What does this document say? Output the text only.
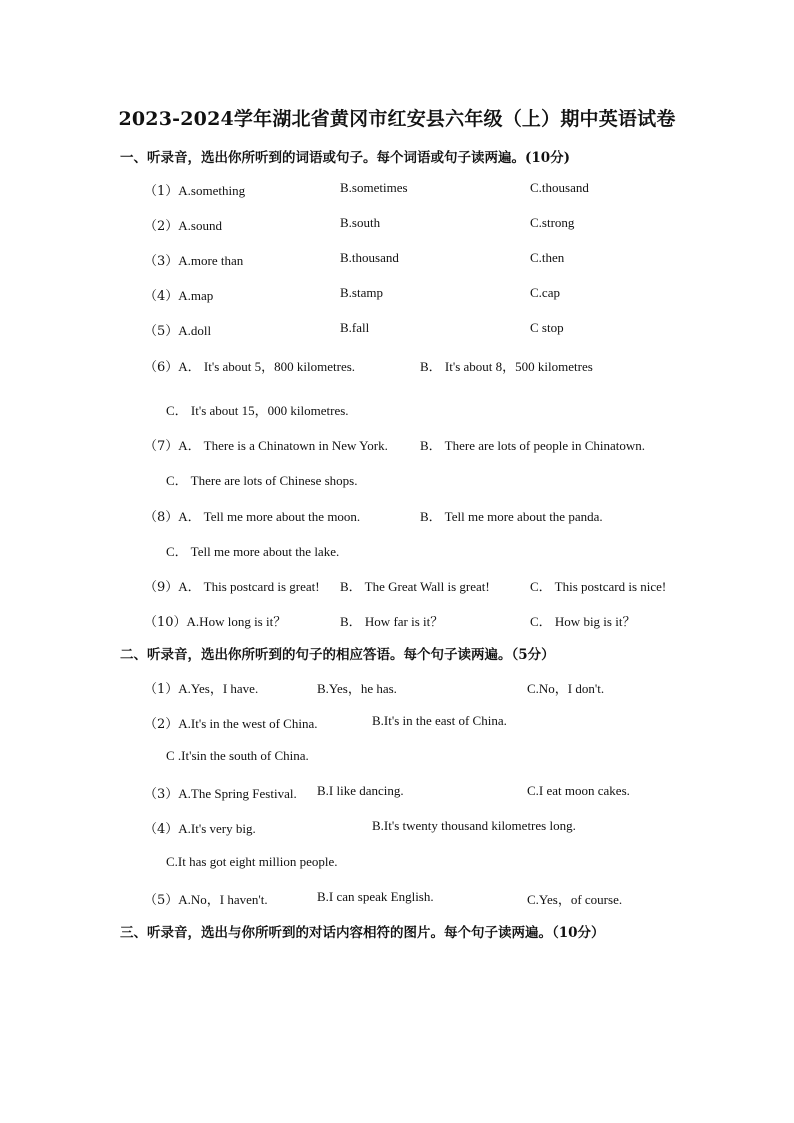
2023-2024学年湖北省黄冈市红安县六年级（上）期中英语试卷
一、听录音，选出你所听到的词语或句子。每个词语或句子读两遍。(10分)
（1）A.something	B.sometimes	C.thousand
（2）A.sound	B.south	C.strong
（3）A.more than	B.thousand	C.then
（4）A.map	B.stamp	C.cap
（5）A.doll	B.fall	C stop
（6）A． It's about 5，800 kilometres.	B． It's about 8，500 kilometres
C． It's about 15，000 kilometres.
（7）A． There is a Chinatown in New York. B． There are lots of people in Chinatown.
C． There are lots of Chinese shops.
（8）A． Tell me more about the moon.	B． Tell me more about the panda.
C． Tell me more about the lake.
（9）A． This postcard is great! B． The Great Wall is great!	C． This postcard is nice!
（10）A.How long is it？	B． How far is it？	C． How big is it？
二、听录音，选出你所听到的句子的相应答语。每个句子读两遍。（5分）
（1）A.Yes，I have.	B.Yes，he has.	C.No，I don't.
（2）A.It's in the west of China.	B.It's in the east of China.
C .It'sin the south of China.
（3）A.The Spring Festival. B.I like dancing.	C.I eat moon cakes.
（4）A.It's very big.	B.It's twenty thousand kilometres long.
C.It has got eight million people.
（5）A.No，I haven't.	B.I can speak English.	C.Yes，of course.
三、听录音，选出与你所听到的对话内容相符的图片。每个句子读两遍。（10分）
